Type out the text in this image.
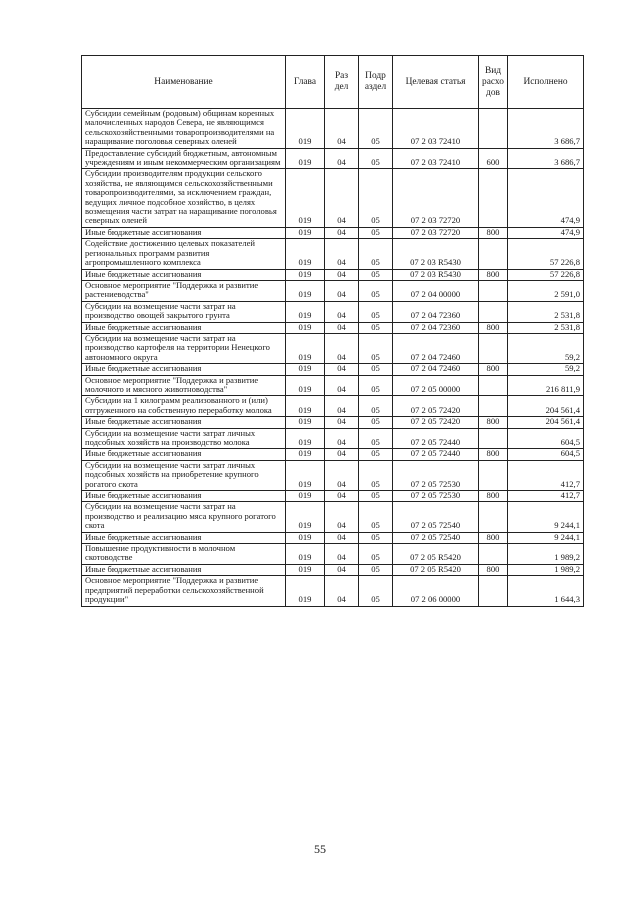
Наименование	Глава	Раз дел	Подр аздел	Целевая статья	Вид расхо дов	Исполнено
Субсидии семейным (родовым) общинам коренных малочисленных народов Севера, не являющимся сельскохозяйственными товаропроизводителями на наращивание поголовья северных оленей	019	04	05	07 2 03 72410		3 686,7
Предоставление субсидий бюджетным, автономным учреждениям и иным некоммерческим организациям	019	04	05	07 2 03 72410	600	3 686,7
Субсидии производителям продукции сельского хозяйства, не являющимся сельскохозяйственными товаропроизводителями, за исключением граждан, ведущих личное подсобное хозяйство, в целях возмещения части затрат на наращивание поголовья северных оленей	019	04	05	07 2 03 72720		474,9
Иные бюджетные ассигнования	019	04	05	07 2 03 72720	800	474,9
Содействие достижению целевых показателей региональных программ развития агропромышленного комплекса	019	04	05	07 2 03 R5430		57 226,8
Иные бюджетные ассигнования	019	04	05	07 2 03 R5430	800	57 226,8
Основное мероприятие "Поддержка и развитие растениеводства"	019	04	05	07 2 04 00000		2 591,0
Субсидии на возмещение части затрат на производство овощей закрытого грунта	019	04	05	07 2 04 72360		2 531,8
Иные бюджетные ассигнования	019	04	05	07 2 04 72360	800	2 531,8
Субсидии на возмещение части затрат на производство картофеля на территории Ненецкого автономного округа	019	04	05	07 2 04 72460		59,2
Иные бюджетные ассигнования	019	04	05	07 2 04 72460	800	59,2
Основное мероприятие "Поддержка и развитие молочного и мясного животноводства"	019	04	05	07 2 05 00000		216 811,9
Субсидии на 1 килограмм реализованного и (или) отгруженного на собственную переработку молока	019	04	05	07 2 05 72420		204 561,4
Иные бюджетные ассигнования	019	04	05	07 2 05 72420	800	204 561,4
Субсидии на возмещение части затрат личных подсобных хозяйств на производство молока	019	04	05	07 2 05 72440		604,5
Иные бюджетные ассигнования	019	04	05	07 2 05 72440	800	604,5
Субсидии на возмещение части затрат личных подсобных хозяйств на приобретение крупного рогатого скота	019	04	05	07 2 05 72530		412,7
Иные бюджетные ассигнования	019	04	05	07 2 05 72530	800	412,7
Субсидии на возмещение части затрат на производство и реализацию мяса крупного рогатого скота	019	04	05	07 2 05 72540		9 244,1
Иные бюджетные ассигнования	019	04	05	07 2 05 72540	800	9 244,1
Повышение продуктивности в молочном скотоводстве	019	04	05	07 2 05 R5420		1 989,2
Иные бюджетные ассигнования	019	04	05	07 2 05 R5420	800	1 989,2
Основное мероприятие "Поддержка и развитие предприятий переработки сельскохозяйственной продукции"	019	04	05	07 2 06 00000		1 644,3
55
